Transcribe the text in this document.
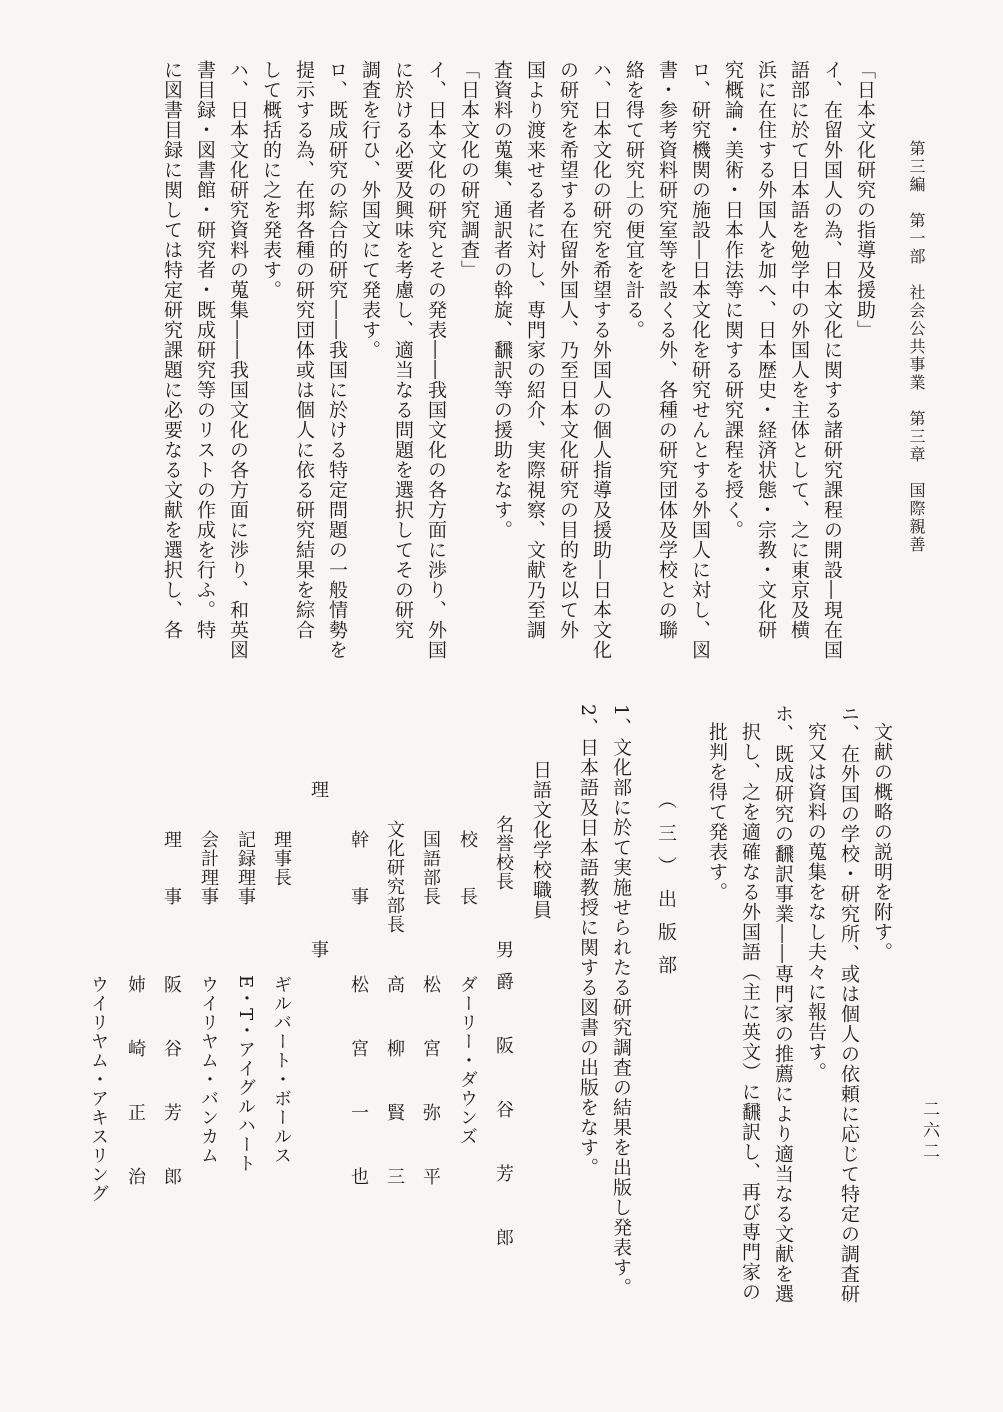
第三編　第一部　社会公共事業　第三章　国際親善
二六二
「日本文化研究の指導及援助」
イ、在留外国人の為、日本文化に関する諸研究課程の開設―現在国
語部に於て日本語を勉学中の外国人を主体として、之に東京及横
浜に在住する外国人を加へ、日本歴史・経済状態・宗教・文化研
究概論・美術・日本作法等に関する研究課程を授く。
ロ、研究機関の施設―日本文化を研究せんとする外国人に対し、図
書・参考資料研究室等を設くる外、各種の研究団体及学校との聯
絡を得て研究上の便宜を計る。
ハ、日本文化の研究を希望する外国人の個人指導及援助―日本文化
の研究を希望する在留外国人、乃至日本文化研究の目的を以て外
国より渡来せる者に対し、専門家の紹介、実際視察、文献乃至調
査資料の蒐集、通訳者の斡旋、飜訳等の援助をなす。
「日本文化の研究調査」
イ、日本文化の研究とその発表――我国文化の各方面に渉り、外国
に於ける必要及興味を考慮し、適当なる問題を選択してその研究
調査を行ひ、外国文にて発表す。
ロ、既成研究の綜合的研究――我国に於ける特定問題の一般情勢を
提示する為、在邦各種の研究団体或は個人に依る研究結果を綜合
して概括的に之を発表す。
ハ、日本文化研究資料の蒐集――我国文化の各方面に渉り、和英図
書目録・図書館・研究者・既成研究等のリストの作成を行ふ。特
に図書目録に関しては特定研究課題に必要なる文献を選択し、各
文献の概略の説明を附す。
ニ、在外国の学校・研究所、或は個人の依頼に応じて特定の調査研
究又は資料の蒐集をなし夫々に報告す。
ホ、既成研究の飜訳事業――専門家の推薦により適当なる文献を選
択し、之を適確なる外国語（主に英文）に飜訳し、再び専門家の
批判を得て発表す。
（三）出版部
1、文化部に於て実施せられたる研究調査の結果を出版し発表す。
2、日本語及日本語教授に関する図書の出版をなす。
日語文化学校職員
名誉校長
男爵　阪　谷　芳　郎
校　　長
ダーリー・ダウンズ
国語部長
松　宮　弥　平
文化研究部長
高　柳　賢　三
幹　　事
松　宮　一　也
理　　　　事
理事長
ギルバート・ボールス
記録理事
E・T・アイグルハート
会計理事
ウイリヤム・バンカム
理　　事
阪　谷　芳　郎
姉　崎　正　治
ウイリヤム・アキスリング
